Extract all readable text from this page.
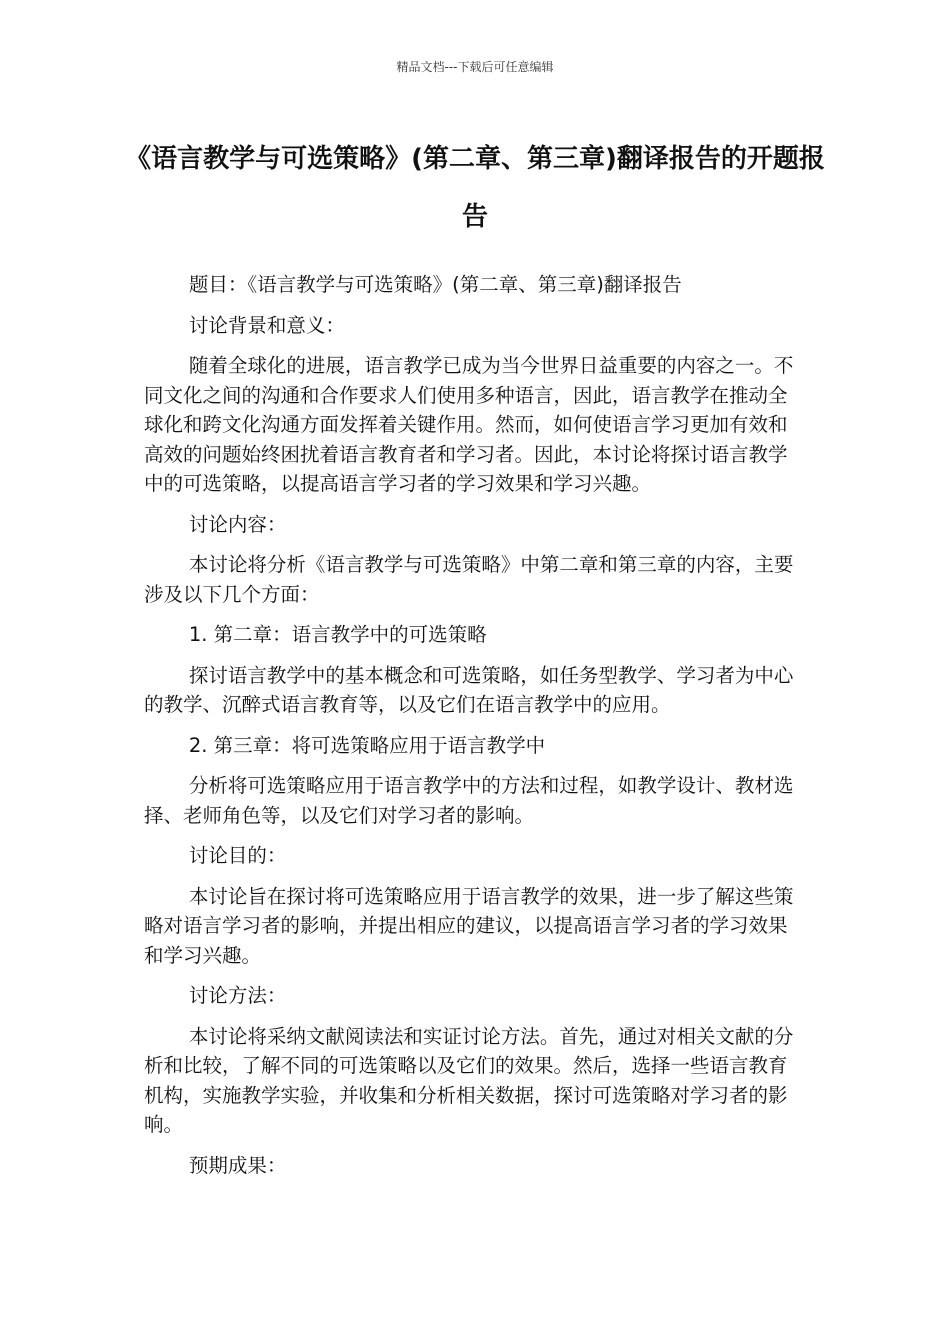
精品文档---下载后可任意编辑
《语言教学与可选策略》(第二章、第三章)翻译报告的开题报告

题目：《语言教学与可选策略》(第二章、第三章)翻译报告

讨论背景和意义：

随着全球化的进展，语言教学已成为当今世界日益重要的内容之一。不同文化之间的沟通和合作要求人们使用多种语言，因此，语言教学在推动全球化和跨文化沟通方面发挥着关键作用。然而，如何使语言学习更加有效和高效的问题始终困扰着语言教育者和学习者。因此，本讨论将探讨语言教学中的可选策略，以提高语言学习者的学习效果和学习兴趣。

讨论内容：

本讨论将分析《语言教学与可选策略》中第二章和第三章的内容，主要涉及以下几个方面：

1. 第二章：语言教学中的可选策略

探讨语言教学中的基本概念和可选策略，如任务型教学、学习者为中心的教学、沉醉式语言教育等，以及它们在语言教学中的应用。

2. 第三章：将可选策略应用于语言教学中

分析将可选策略应用于语言教学中的方法和过程，如教学设计、教材选择、老师角色等，以及它们对学习者的影响。

讨论目的：

本讨论旨在探讨将可选策略应用于语言教学的效果，进一步了解这些策略对语言学习者的影响，并提出相应的建议，以提高语言学习者的学习效果和学习兴趣。

讨论方法：

本讨论将采纳文献阅读法和实证讨论方法。首先，通过对相关文献的分析和比较，了解不同的可选策略以及它们的效果。然后，选择一些语言教育机构，实施教学实验，并收集和分析相关数据，探讨可选策略对学习者的影响。

预期成果：
